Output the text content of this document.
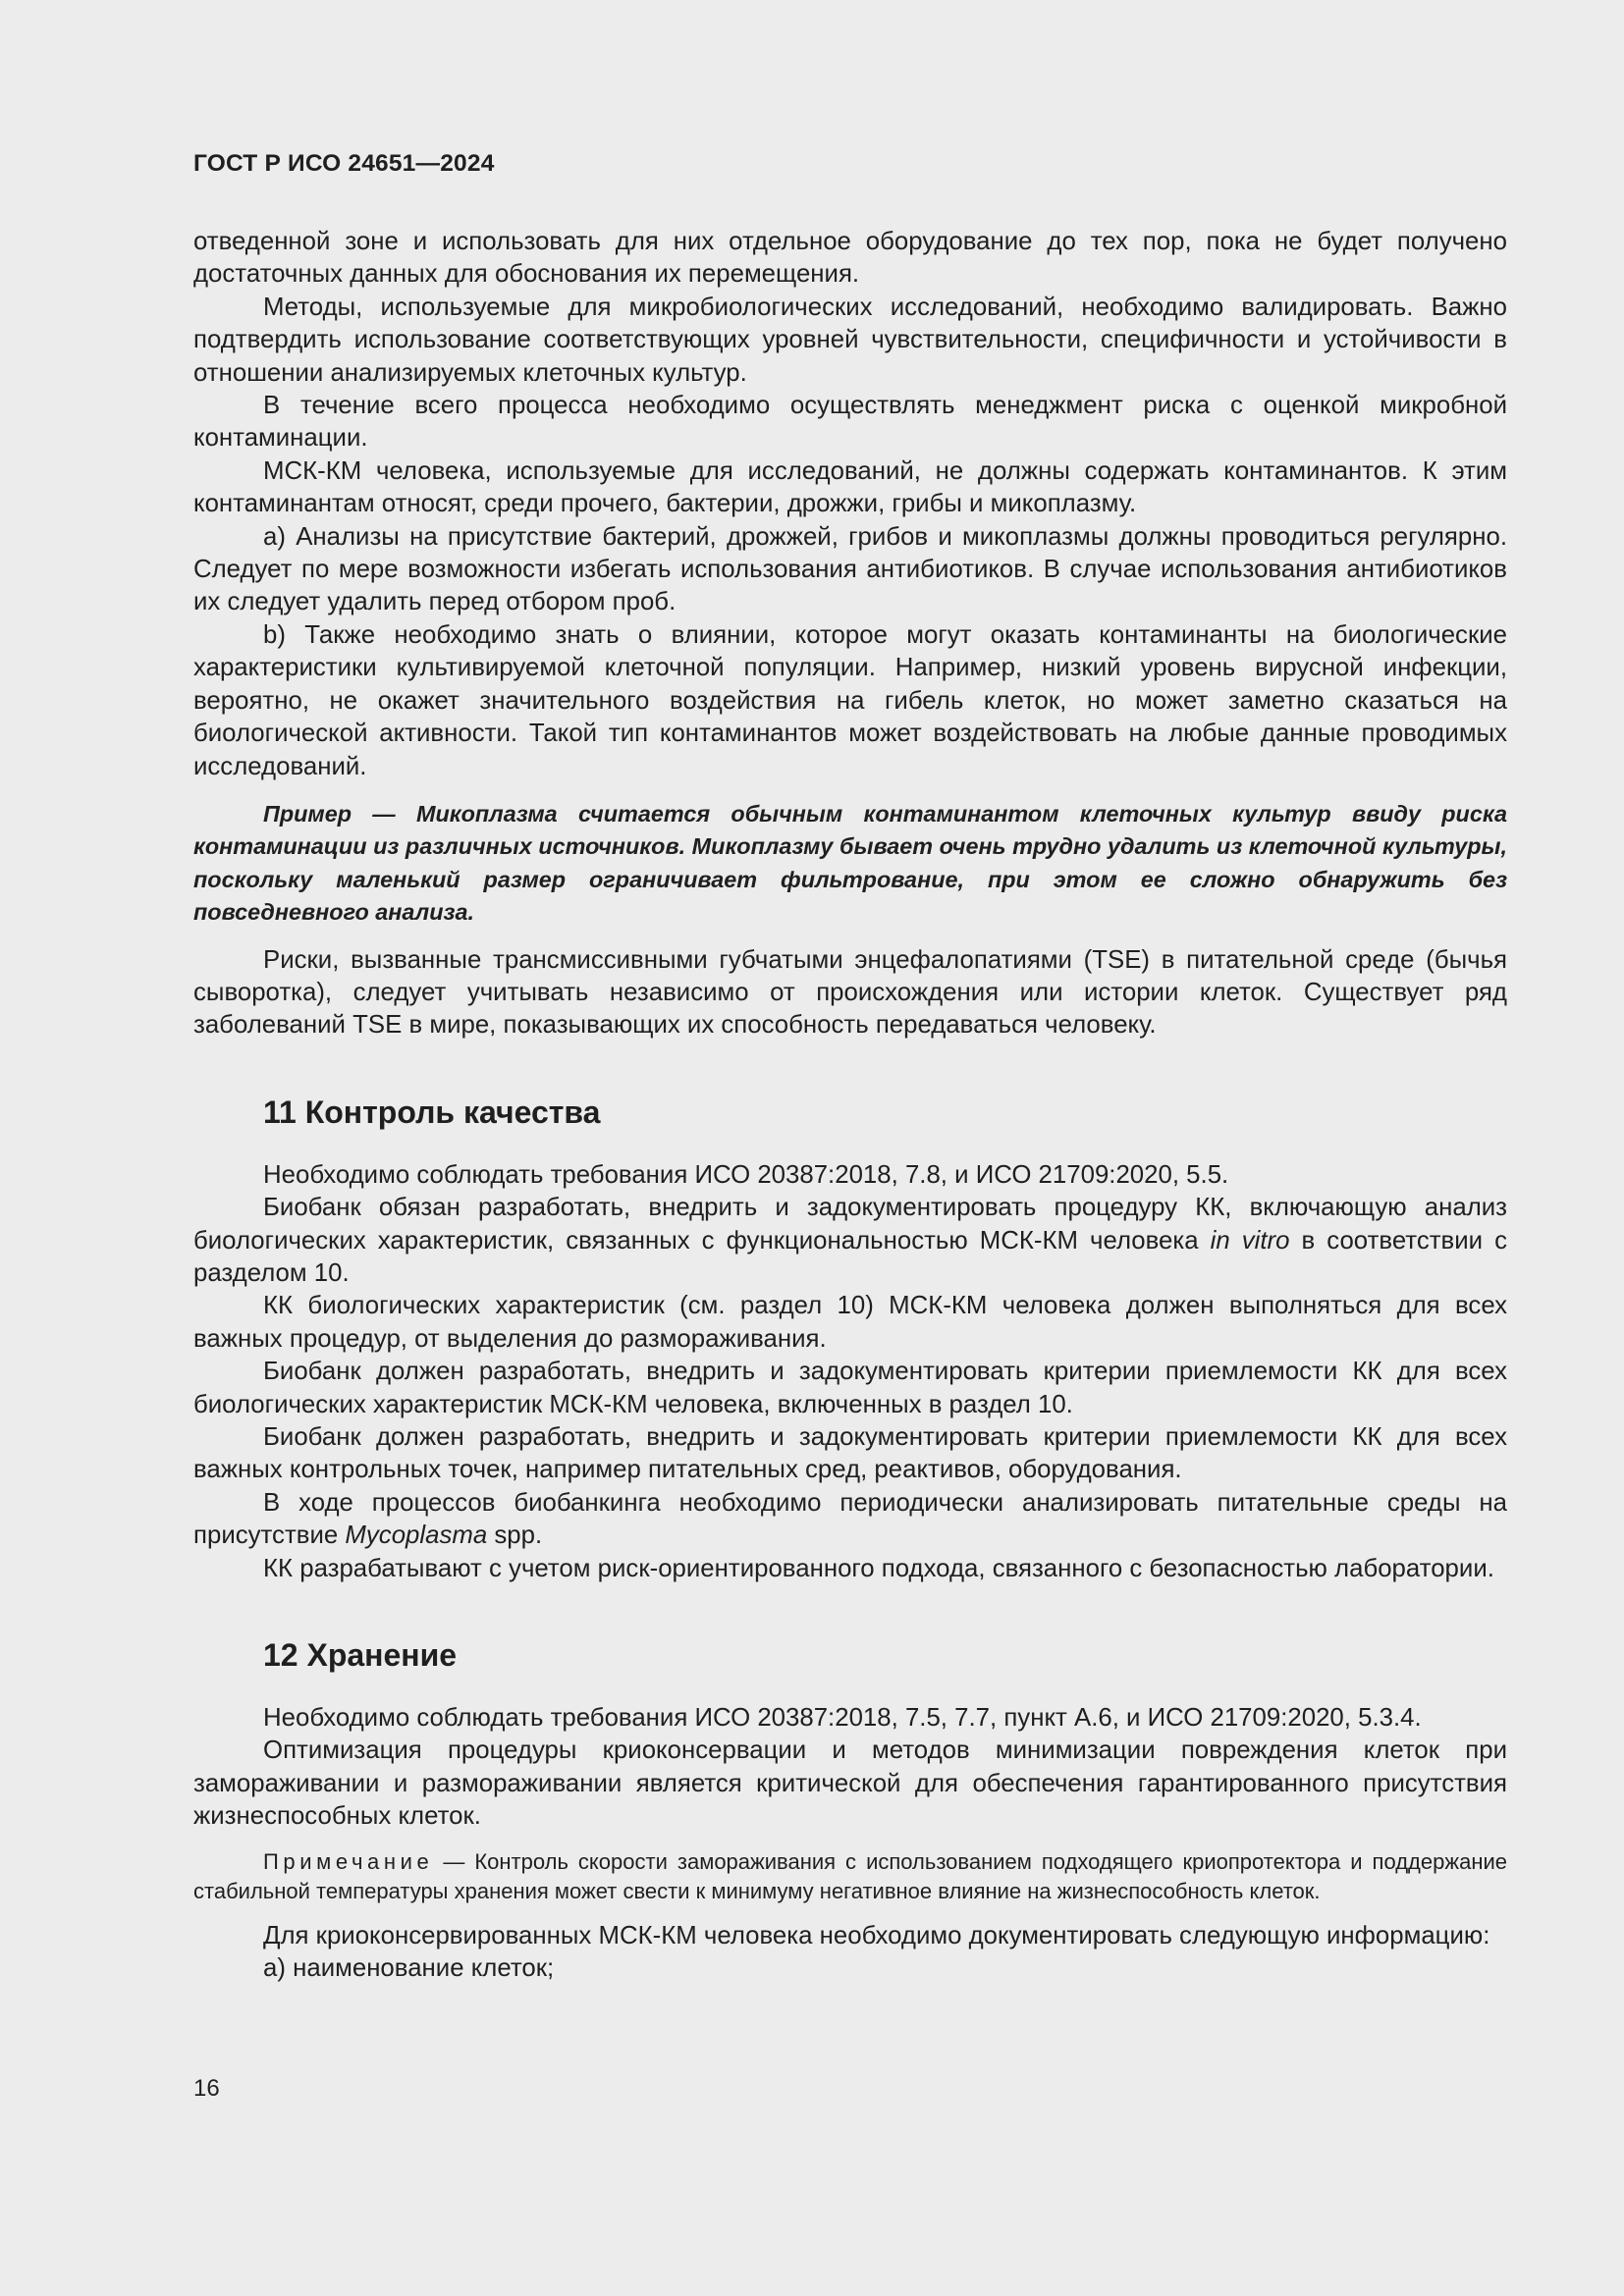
ГОСТ Р ИСО 24651—2024

отведенной зоне и использовать для них отдельное оборудование до тех пор, пока не будет получено достаточных данных для обоснования их перемещения.

Методы, используемые для микробиологических исследований, необходимо валидировать. Важно подтвердить использование соответствующих уровней чувствительности, специфичности и устойчивости в отношении анализируемых клеточных культур.

В течение всего процесса необходимо осуществлять менеджмент риска с оценкой микробной контаминации.

МСК-КМ человека, используемые для исследований, не должны содержать контаминантов. К этим контаминантам относят, среди прочего, бактерии, дрожжи, грибы и микоплазму.

a) Анализы на присутствие бактерий, дрожжей, грибов и микоплазмы должны проводиться регулярно. Следует по мере возможности избегать использования антибиотиков. В случае использования антибиотиков их следует удалить перед отбором проб.

b) Также необходимо знать о влиянии, которое могут оказать контаминанты на биологические характеристики культивируемой клеточной популяции. Например, низкий уровень вирусной инфекции, вероятно, не окажет значительного воздействия на гибель клеток, но может заметно сказаться на биологической активности. Такой тип контаминантов может воздействовать на любые данные проводимых исследований.

Пример — Микоплазма считается обычным контаминантом клеточных культур ввиду риска контаминации из различных источников. Микоплазму бывает очень трудно удалить из клеточной культуры, поскольку маленький размер ограничивает фильтрование, при этом ее сложно обнаружить без повседневного анализа.

Риски, вызванные трансмиссивными губчатыми энцефалопатиями (TSE) в питательной среде (бычья сыворотка), следует учитывать независимо от происхождения или истории клеток. Существует ряд заболеваний TSE в мире, показывающих их способность передаваться человеку.

11 Контроль качества

Необходимо соблюдать требования ИСО 20387:2018, 7.8, и ИСО 21709:2020, 5.5.

Биобанк обязан разработать, внедрить и задокументировать процедуру КК, включающую анализ биологических характеристик, связанных с функциональностью МСК-КМ человека in vitro в соответствии с разделом 10.

КК биологических характеристик (см. раздел 10) МСК-КМ человека должен выполняться для всех важных процедур, от выделения до размораживания.

Биобанк должен разработать, внедрить и задокументировать критерии приемлемости КК для всех биологических характеристик МСК-КМ человека, включенных в раздел 10.

Биобанк должен разработать, внедрить и задокументировать критерии приемлемости КК для всех важных контрольных точек, например питательных сред, реактивов, оборудования.

В ходе процессов биобанкинга необходимо периодически анализировать питательные среды на присутствие Mycoplasma spp.

КК разрабатывают с учетом риск-ориентированного подхода, связанного с безопасностью лаборатории.

12 Хранение

Необходимо соблюдать требования ИСО 20387:2018, 7.5, 7.7, пункт А.6, и ИСО 21709:2020, 5.3.4.

Оптимизация процедуры криоконсервации и методов минимизации повреждения клеток при замораживании и размораживании является критической для обеспечения гарантированного присутствия жизнеспособных клеток.

Примечание — Контроль скорости замораживания с использованием подходящего криопротектора и поддержание стабильной температуры хранения может свести к минимуму негативное влияние на жизнеспособность клеток.

Для криоконсервированных МСК-КМ человека необходимо документировать следующую информацию:

a) наименование клеток;

16
